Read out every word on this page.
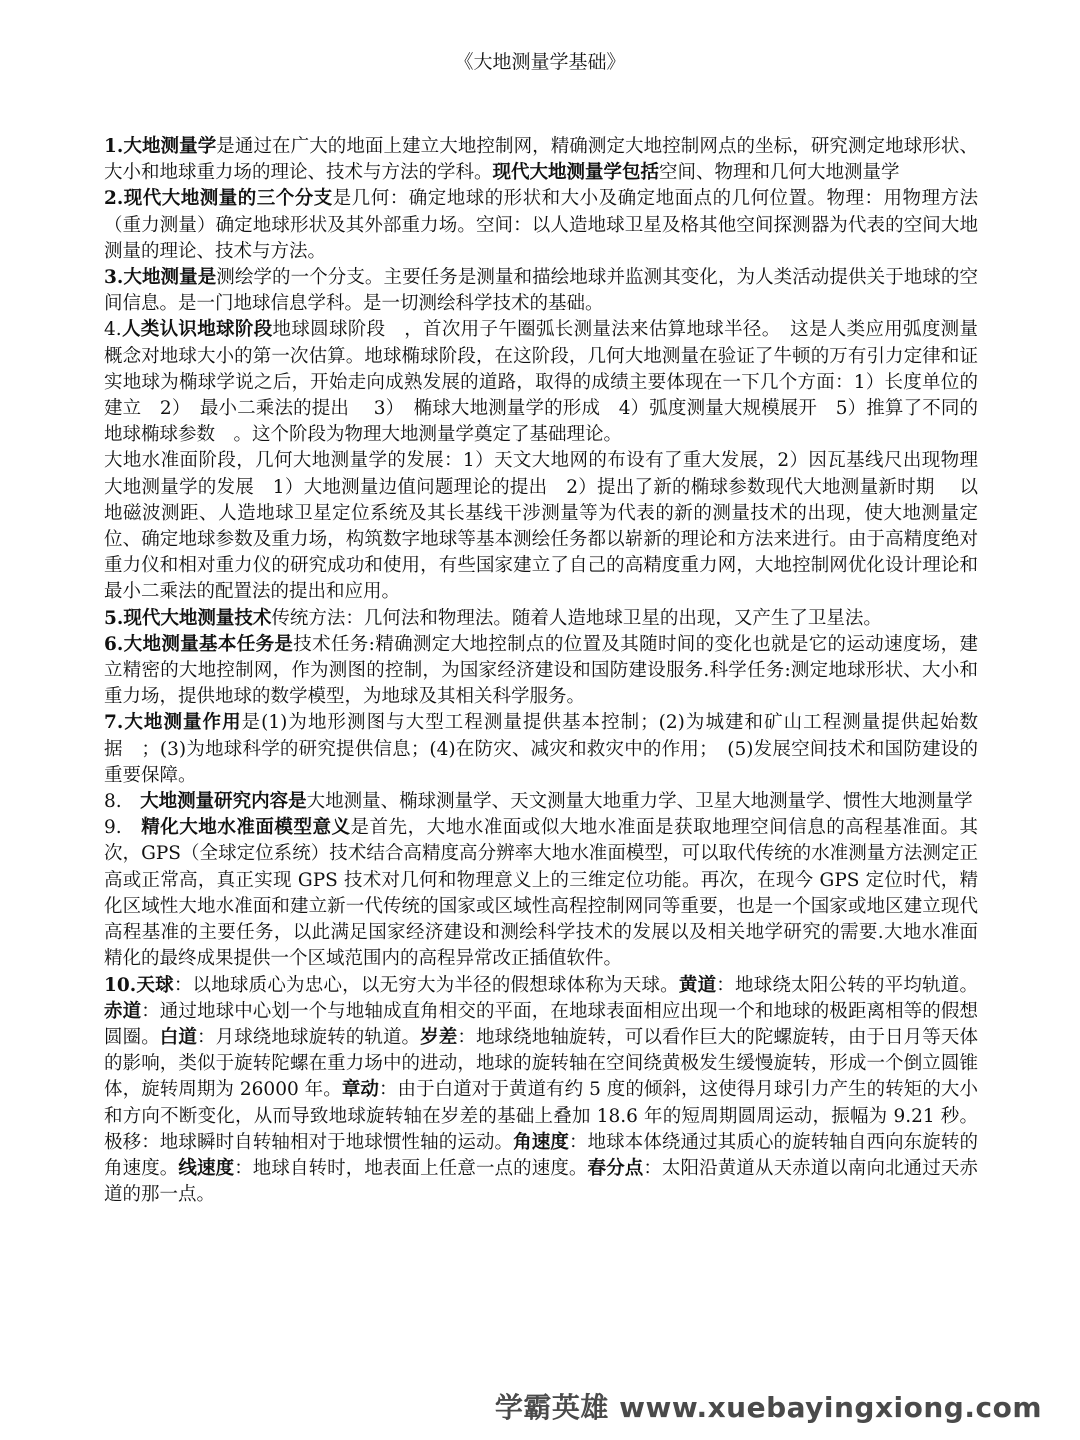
《大地测量学基础》

1.大地测量学是通过在广大的地面上建立大地控制网，精确测定大地控制网点的坐标，研究测定地球形状、大小和地球重力场的理论、技术与方法的学科。现代大地测量学包括空间、物理和几何大地测量学

2.现代大地测量的三个分支是几何：确定地球的形状和大小及确定地面点的几何位置。物理：用物理方法（重力测量）确定地球形状及其外部重力场。空间：以人造地球卫星及格其他空间探测器为代表的空间大地测量的理论、技术与方法。

3.大地测量是测绘学的一个分支。主要任务是测量和描绘地球并监测其变化，为人类活动提供关于地球的空间信息。是一门地球信息学科。是一切测绘科学技术的基础。

4.人类认识地球阶段地球圆球阶段　，首次用子午圈弧长测量法来估算地球半径。　这是人类应用弧度测量概念对地球大小的第一次估算。地球椭球阶段，在这阶段，几何大地测量在验证了牛顿的万有引力定律和证实地球为椭球学说之后，开始走向成熟发展的道路，取得的成绩主要体现在一下几个方面：1）长度单位的建立　2）　最小二乘法的提出　 3）　椭球大地测量学的形成　4）弧度测量大规模展开　5）推算了不同的地球椭球参数　。这个阶段为物理大地测量学奠定了基础理论。

大地水准面阶段，几何大地测量学的发展：1）天文大地网的布设有了重大发展，2）因瓦基线尺出现物理大地测量学的发展　1）大地测量边值问题理论的提出　2）提出了新的椭球参数现代大地测量新时期　 以地磁波测距、人造地球卫星定位系统及其长基线干涉测量等为代表的新的测量技术的出现，使大地测量定位、确定地球参数及重力场，构筑数字地球等基本测绘任务都以崭新的理论和方法来进行。由于高精度绝对重力仪和相对重力仪的研究成功和使用，有些国家建立了自己的高精度重力网，大地控制网优化设计理论和最小二乘法的配置法的提出和应用。

5.现代大地测量技术传统方法：几何法和物理法。随着人造地球卫星的出现，又产生了卫星法。

6.大地测量基本任务是技术任务:精确测定大地控制点的位置及其随时间的变化也就是它的运动速度场，建立精密的大地控制网，作为测图的控制，为国家经济建设和国防建设服务.科学任务:测定地球形状、大小和重力场，提供地球的数学模型，为地球及其相关科学服务。

7.大地测量作用是(1)为地形测图与大型工程测量提供基本控制；(2)为城建和矿山工程测量提供起始数据　；(3)为地球科学的研究提供信息；(4)在防灾、减灾和救灾中的作用；　(5)发展空间技术和国防建设的重要保障。

8.　大地测量研究内容是大地测量、椭球测量学、天文测量大地重力学、卫星大地测量学、惯性大地测量学

9.　精化大地水准面模型意义是首先，大地水准面或似大地水准面是获取地理空间信息的高程基准面。其次，GPS（全球定位系统）技术结合高精度高分辨率大地水准面模型，可以取代传统的水准测量方法测定正高或正常高，真正实现 GPS 技术对几何和物理意义上的三维定位功能。再次，在现今 GPS 定位时代，精化区域性大地水准面和建立新一代传统的国家或区域性高程控制网同等重要，也是一个国家或地区建立现代高程基准的主要任务，以此满足国家经济建设和测绘科学技术的发展以及相关地学研究的需要.大地水准面精化的最终成果提供一个区域范围内的高程异常改正插值软件。

10.天球：以地球质心为忠心，以无穷大为半径的假想球体称为天球。黄道：地球绕太阳公转的平均轨道。赤道：通过地球中心划一个与地轴成直角相交的平面，在地球表面相应出现一个和地球的极距离相等的假想圆圈。白道：月球绕地球旋转的轨道。岁差：地球绕地轴旋转，可以看作巨大的陀螺旋转，由于日月等天体的影响，类似于旋转陀螺在重力场中的进动，地球的旋转轴在空间绕黄极发生缓慢旋转，形成一个倒立圆锥体，旋转周期为 26000 年。章动：由于白道对于黄道有约 5 度的倾斜，这使得月球引力产生的转矩的大小和方向不断变化，从而导致地球旋转轴在岁差的基础上叠加 18.6 年的短周期圆周运动，振幅为 9.21 秒。极移：地球瞬时自转轴相对于地球惯性轴的运动。角速度：地球本体绕通过其质心的旋转轴自西向东旋转的角速度。线速度：地球自转时，地表面上任意一点的速度。春分点：太阳沿黄道从天赤道以南向北通过天赤道的那一点。

学霸英雄 www.xuebayingxiong.com
